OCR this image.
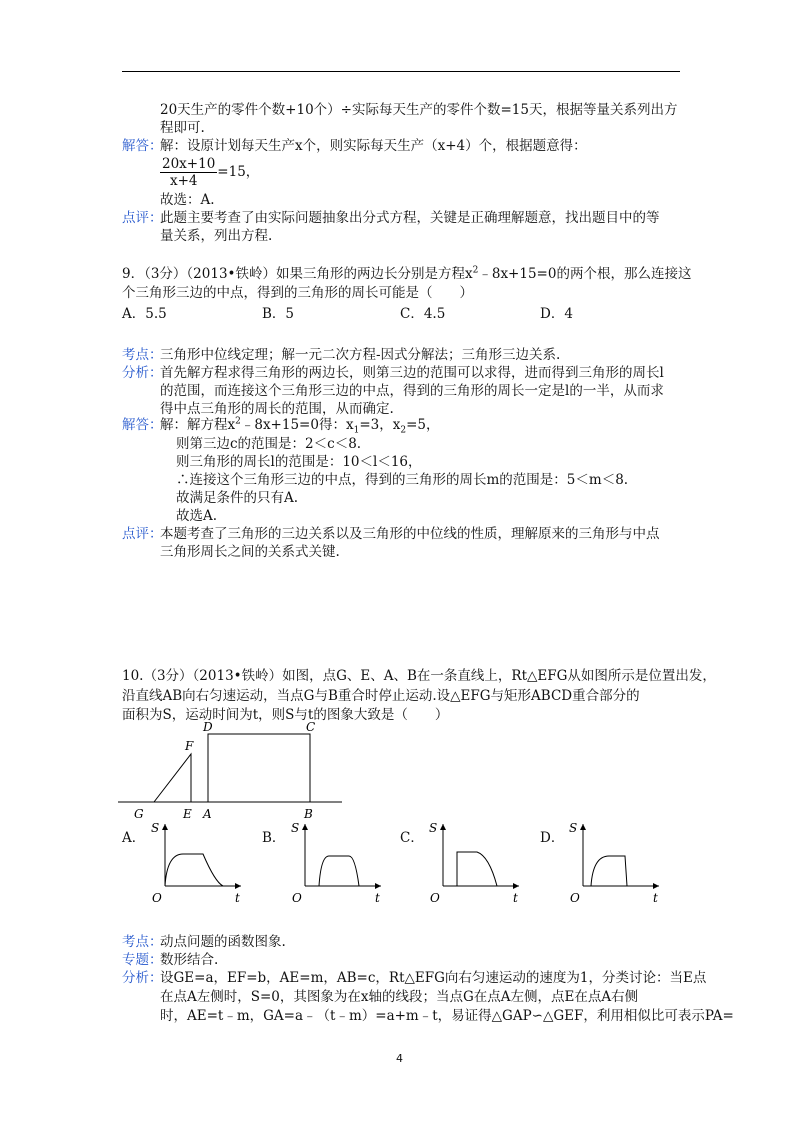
20天生产的零件个数+10个）÷实际每天生产的零件个数=15天，根据等量关系列出方
程即可.
解答：
解：设原计划每天生产x个，则实际每天生产（x+4）个，根据题意得：
20x+10 =15，
x+4
故选：A.
点评：
此题主要考查了由实际问题抽象出分式方程，关键是正确理解题意，找出题目中的等
量关系，列出方程.
9．（3分）（2013•铁岭）如果三角形的两边长分别是方程$x^2﹣8x+15=0$的两个根，那么连接这
个三角形三边的中点，得到的三角形的周长可能是（　　）
A．5.5	B．5	C．4.5	D．4
考点：
三角形中位线定理；解一元二次方程-因式分解法；三角形三边关系.
分析：
首先解方程求得三角形的两边长，则第三边的范围可以求得，进而得到三角形的周长l
的范围，而连接这个三角形三边的中点，得到的三角形的周长一定是l的一半，从而求
得中点三角形的周长的范围，从而确定.
解答：
解：解方程$x^2﹣8x+15=0$得：$x_1=3$，$x_2=5$，
则第三边c的范围是：2＜c＜8.
则三角形的周长l的范围是：10＜l＜16，
∴连接这个三角形三边的中点，得到的三角形的周长m的范围是：5＜m＜8.
故满足条件的只有A.
故选A.
点评：
本题考查了三角形的三边关系以及三角形的中位线的性质，理解原来的三角形与中点
三角形周长之间的关系式关键.
10.（3分）（2013•铁岭）如图，点G、E、A、B在一条直线上，Rt△EFG从如图所示是位置出发，
沿直线AB向右匀速运动，当点G与B重合时停止运动.设△EFG与矩形ABCD重合部分的
面积为S，运动时间为t，则S与t的图象大致是（　　）
D	C
F
G	E A	B
A．	B．	C．	D．
S
t
O
S
t
O
S
t
O
S
t
O
考点：
动点问题的函数图象.
专题：
数形结合.
分析：
设GE=a，EF=b，AE=m，AB=c，Rt△EFG向右匀速运动的速度为1，分类讨论：当E点
在点A左侧时，S=0，其图象为在x轴的线段；当点G在点A左侧，点E在点A右侧
时，AE=t﹣m，GA=a﹣（t﹣m）=a+m﹣t，易证得△GAP∽△GEF，利用相似比可表示PA=
4
